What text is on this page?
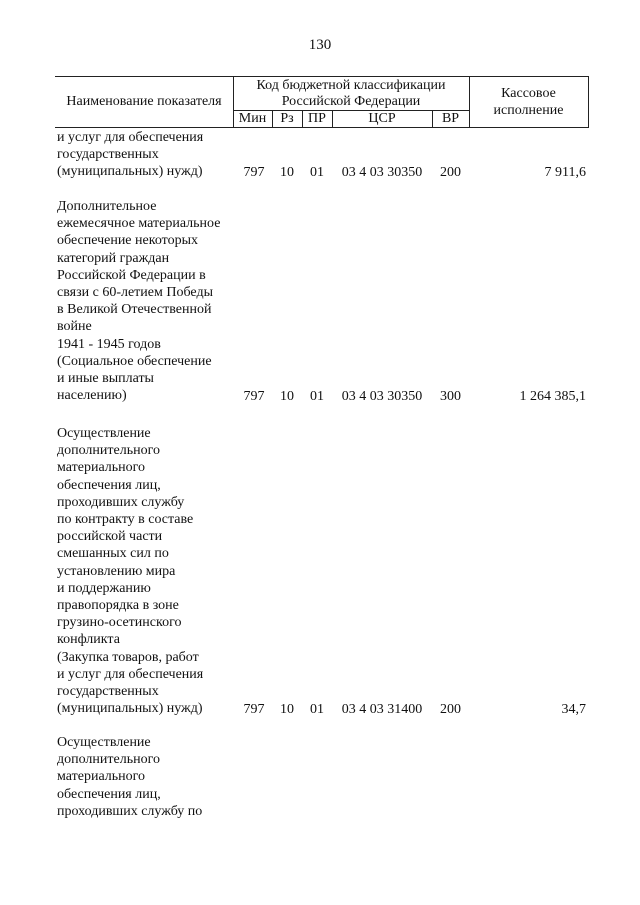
130
Наименование показателя
Код бюджетной классификации
Российской Федерации
Кассовое
исполнение
Мин	Рз	ПР	ЦСР	ВР
и услуг для обеспечения
государственных
(муниципальных) нужд)	797	10	01	03 4 03 30350	200	7 911,6
Дополнительное
ежемесячное материальное
обеспечение некоторых
категорий граждан
Российской Федерации в
связи с 60-летием Победы
в Великой Отечественной
войне
1941 - 1945 годов
(Социальное обеспечение
и иные выплаты
населению)	797	10	01	03 4 03 30350	300	1 264 385,1
Осуществление
дополнительного
материального
обеспечения лиц,
проходивших службу
по контракту в составе
российской части
смешанных сил по
установлению мира
и поддержанию
правопорядка в зоне
грузино-осетинского
конфликта
(Закупка товаров, работ
и услуг для обеспечения
государственных
(муниципальных) нужд)	797	10	01	03 4 03 31400	200	34,7
Осуществление
дополнительного
материального
обеспечения лиц,
проходивших службу по
